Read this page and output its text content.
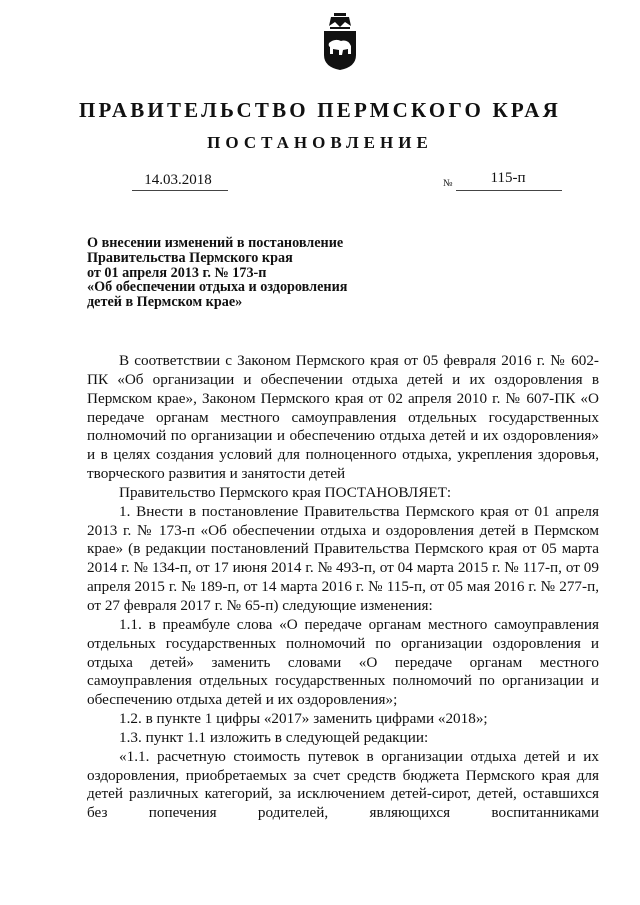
ПРАВИТЕЛЬСТВО ПЕРМСКОГО КРАЯ
ПОСТАНОВЛЕНИЕ
14.03.2018	№	115-п
О внесении изменений в постановление
Правительства Пермского края
от 01 апреля 2013 г. № 173-п
«Об обеспечении отдыха и оздоровления
детей в Пермском крае»

В соответствии с Законом Пермского края от 05 февраля 2016 г. № 602-ПК «Об организации и обеспечении отдыха детей и их оздоровления в Пермском крае», Законом Пермского края от 02 апреля 2010 г. № 607-ПК «О передаче органам местного самоуправления отдельных государственных полномочий по организации и обеспечению отдыха детей и их оздоровления» и в целях создания условий для полноценного отдыха, укрепления здоровья, творческого развития и занятости детей

Правительство Пермского края ПОСТАНОВЛЯЕТ:

1. Внести в постановление Правительства Пермского края от 01 апреля 2013 г. № 173-п «Об обеспечении отдыха и оздоровления детей в Пермском крае» (в редакции постановлений Правительства Пермского края от 05 марта 2014 г. № 134-п, от 17 июня 2014 г. № 493-п, от 04 марта 2015 г. № 117-п, от 09 апреля 2015 г. № 189-п, от 14 марта 2016 г. № 115-п, от 05 мая 2016 г. № 277-п, от 27 февраля 2017 г. № 65-п) следующие изменения:

1.1. в преамбуле слова «О передаче органам местного самоуправления отдельных государственных полномочий по организации оздоровления и отдыха детей» заменить словами «О передаче органам местного самоуправления отдельных государственных полномочий по организации и обеспечению отдыха детей и их оздоровления»;

1.2. в пункте 1 цифры «2017» заменить цифрами «2018»;

1.3. пункт 1.1 изложить в следующей редакции:

«1.1. расчетную стоимость путевок в организации отдыха детей и их оздоровления, приобретаемых за счет средств бюджета Пермского края для детей различных категорий, за исключением детей-сирот, детей, оставшихся без попечения родителей, являющихся воспитанниками
